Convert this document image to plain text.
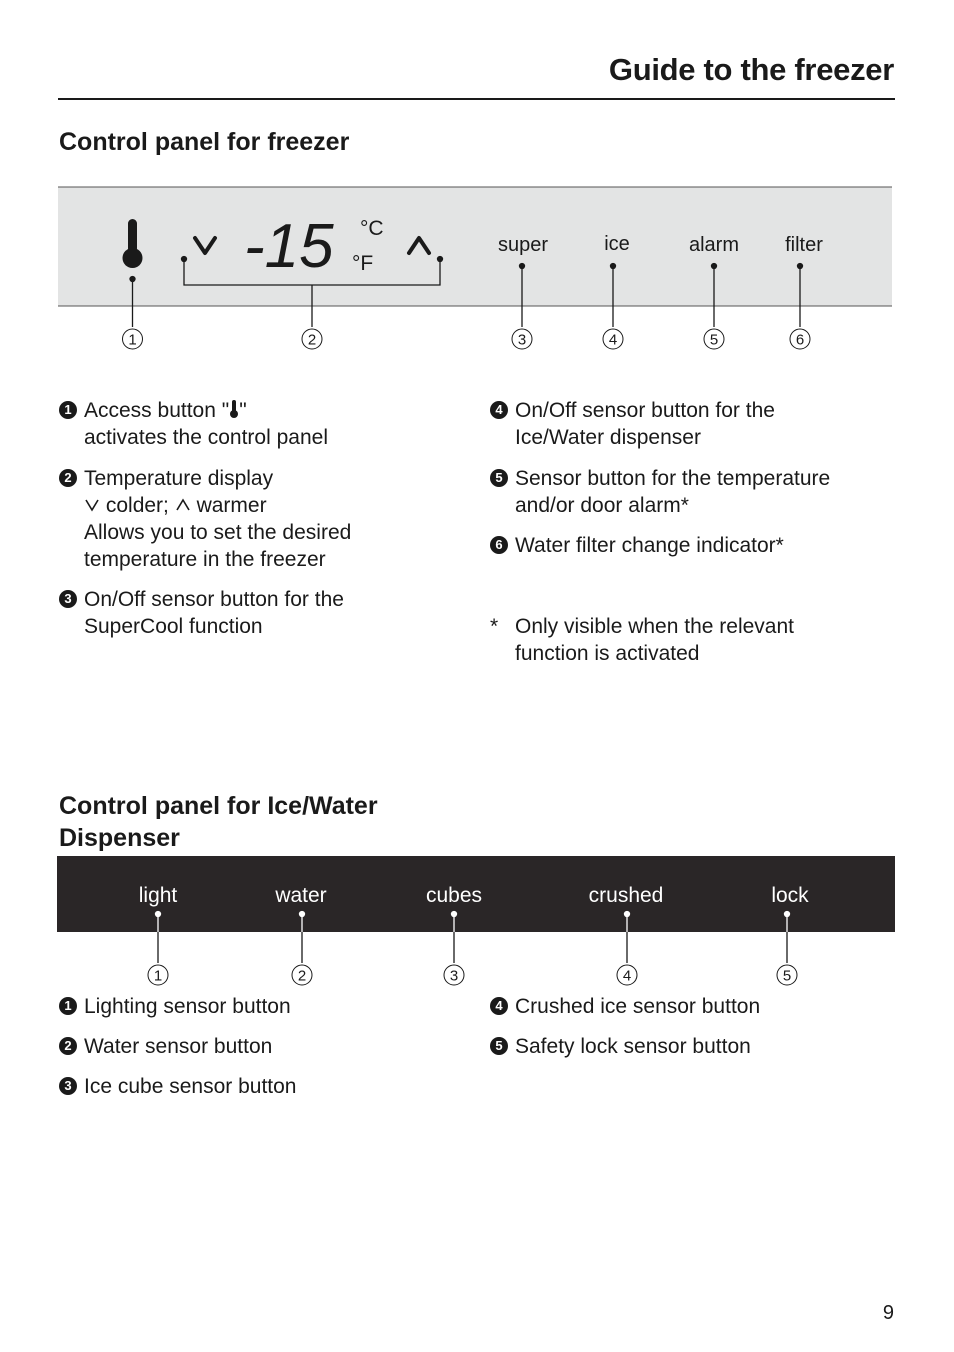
Guide to the freezer
Control panel for freezer
-15 °C
°F
super	ice	alarm filter
1	2	3	4	5	6
1 Access button " "
activates the control panel
2 Temperature display
colder; warmer
Allows you to set the desired
temperature in the freezer
3 On/Off sensor button for the
SuperCool function
4 On/Off sensor button for the
Ice/Water dispenser
5 Sensor button for the temperature
and/or door alarm*
6 Water filter change indicator*
* Only visible when the relevant
function is activated
Control panel for Ice/Water
Dispenser
light	water	cubes	crushed	lock
1	2	3	4	5
1 Lighting sensor button
2 Water sensor button
3 Ice cube sensor button
4 Crushed ice sensor button
5 Safety lock sensor button
9
